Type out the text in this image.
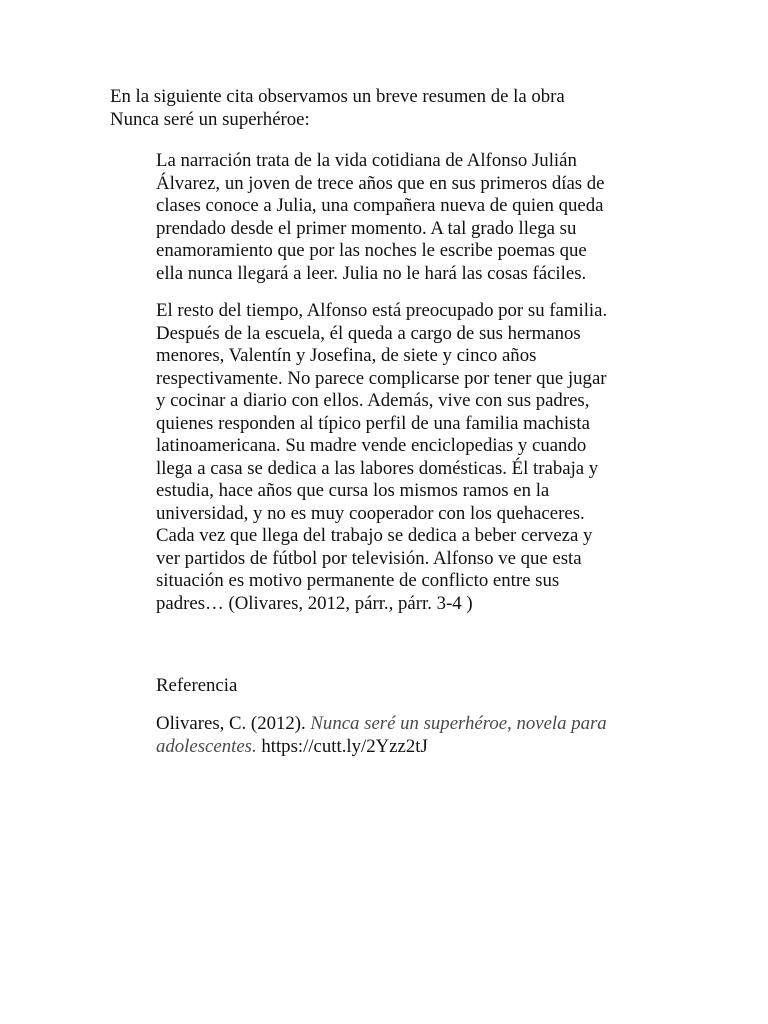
En la siguiente cita observamos un breve resumen de la obra
Nunca seré un superhéroe:

La narración trata de la vida cotidiana de Alfonso Julián
Álvarez, un joven de trece años que en sus primeros días de
clases conoce a Julia, una compañera nueva de quien queda
prendado desde el primer momento. A tal grado llega su
enamoramiento que por las noches le escribe poemas que
ella nunca llegará a leer. Julia no le hará las cosas fáciles.

El resto del tiempo, Alfonso está preocupado por su familia.
Después de la escuela, él queda a cargo de sus hermanos
menores, Valentín y Josefina, de siete y cinco años
respectivamente. No parece complicarse por tener que jugar
y cocinar a diario con ellos. Además, vive con sus padres,
quienes responden al típico perfil de una familia machista
latinoamericana. Su madre vende enciclopedias y cuando
llega a casa se dedica a las labores domésticas. Él trabaja y
estudia, hace años que cursa los mismos ramos en la
universidad, y no es muy cooperador con los quehaceres.
Cada vez que llega del trabajo se dedica a beber cerveza y
ver partidos de fútbol por televisión. Alfonso ve que esta
situación es motivo permanente de conflicto entre sus
padres… (Olivares, 2012, párr., párr. 3-4 )

Referencia

Olivares, C. (2012). Nunca seré un superhéroe, novela para
adolescentes. https://cutt.ly/2Yzz2tJ
